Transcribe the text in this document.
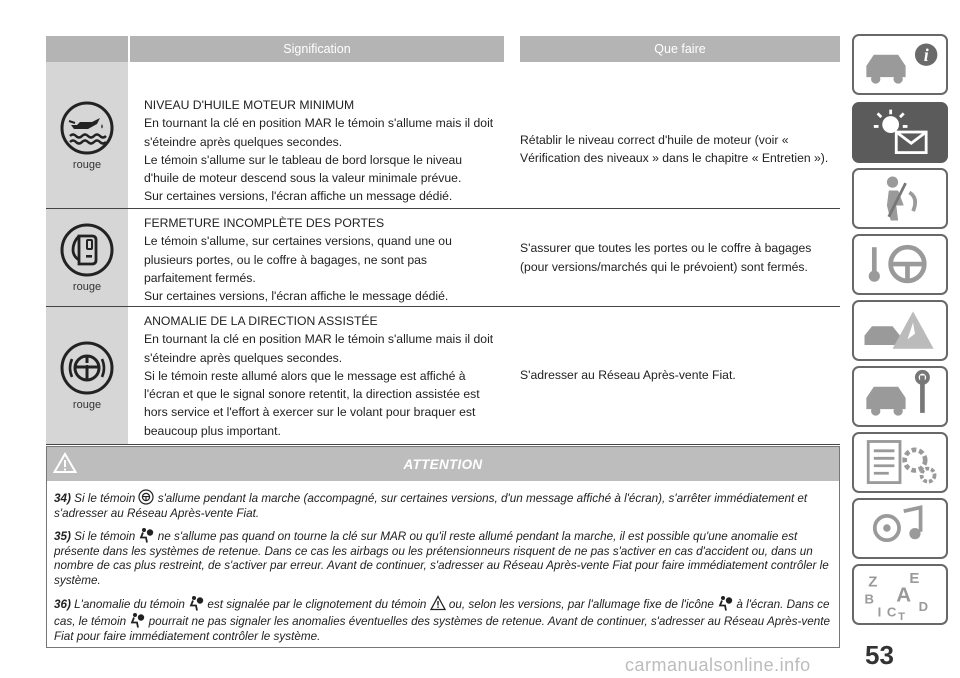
Signification	Que faire
rouge

NIVEAU D'HUILE MOTEUR MINIMUM

En tournant la clé en position MAR le témoin s'allume mais il doit

s'éteindre après quelques secondes.

Le témoin s'allume sur le tableau de bord lorsque le niveau

d'huile de moteur descend sous la valeur minimale prévue.

Sur certaines versions, l'écran affiche un message dédié.

Rétablir le niveau correct d'huile de moteur (voir « Vérification des niveaux » dans le chapitre « Entretien »).
rouge

FERMETURE INCOMPLÈTE DES PORTES

Le témoin s'allume, sur certaines versions, quand une ou

plusieurs portes, ou le coffre à bagages, ne sont pas

parfaitement fermés.

Sur certaines versions, l'écran affiche le message dédié.

S'assurer que toutes les portes ou le coffre à bagages (pour versions/marchés qui le prévoient) sont fermés.
rouge

ANOMALIE DE LA DIRECTION ASSISTÉE

En tournant la clé en position MAR le témoin s'allume mais il doit

s'éteindre après quelques secondes.

Si le témoin reste allumé alors que le message est affiché à

l'écran et que le signal sonore retentit, la direction assistée est

hors service et l'effort à exercer sur le volant pour braquer est

beaucoup plus important.

S'adresser au Réseau Après-vente Fiat.
ATTENTION
34) Si le témoin s'allume pendant la marche (accompagné, sur certaines versions, d'un message affiché à l'écran), s'arrêter immédiatement et s'adresser au Réseau Après-vente Fiat.
35) Si le témoin ne s'allume pas quand on tourne la clé sur MAR ou qu'il reste allumé pendant la marche, il est possible qu'une anomalie est présente dans les systèmes de retenue. Dans ce cas les airbags ou les prétensionneurs risquent de ne pas s'activer en cas d'accident ou, dans un nombre de cas plus restreint, de s'activer par erreur. Avant de continuer, s'adresser au Réseau Après-vente Fiat pour faire immédiatement contrôler le système.
36) L'anomalie du témoin est signalée par le clignotement du témoin ou, selon les versions, par l'allumage fixe de l'icône à l'écran. Dans ce cas, le témoin pourrait ne pas signaler les anomalies éventuelles des systèmes de retenue. Avant de continuer, s'adresser au Réseau Après-vente Fiat pour faire immédiatement contrôler le système.
i
Z E
B A
I C D
T
53
carmanualsonline.info
